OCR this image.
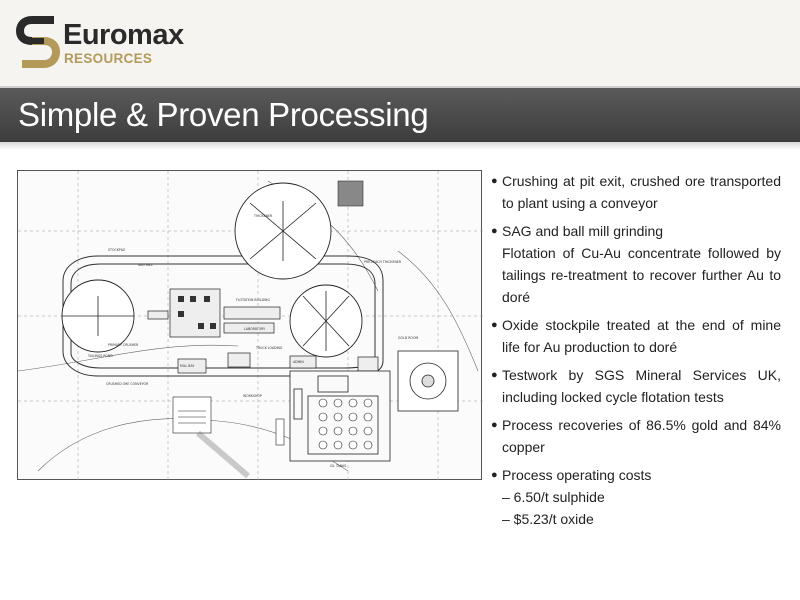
Euromax
RESOURCES
Simple & Proven Processing
TAILINGS POND
STOCKPILE
SAG MILL
FLOTATION BUILDING
THICKENER
LABORATORY
TRUCK LOADING
MILL BAY
ADMIN
WORKSHOP
PRE-LEACH THICKENER
GOLD ROOM
CIL TANKS
CRUSHED ORE CONVEYOR
PRIMARY CRUSHER
● Crushing at pit exit, crushed ore transported to plant using a conveyor

● SAG and ball mill grinding
Flotation of Cu-Au concentrate followed by tailings re-treatment to recover further Au to doré

● Oxide stockpile treated at the end of mine life for Au production to doré

● Testwork by SGS Mineral Services UK, including locked cycle flotation tests

● Process recoveries of 86.5% gold and 84% copper

● Process operating costs
– 6.50/t sulphide
– $5.23/t oxide
